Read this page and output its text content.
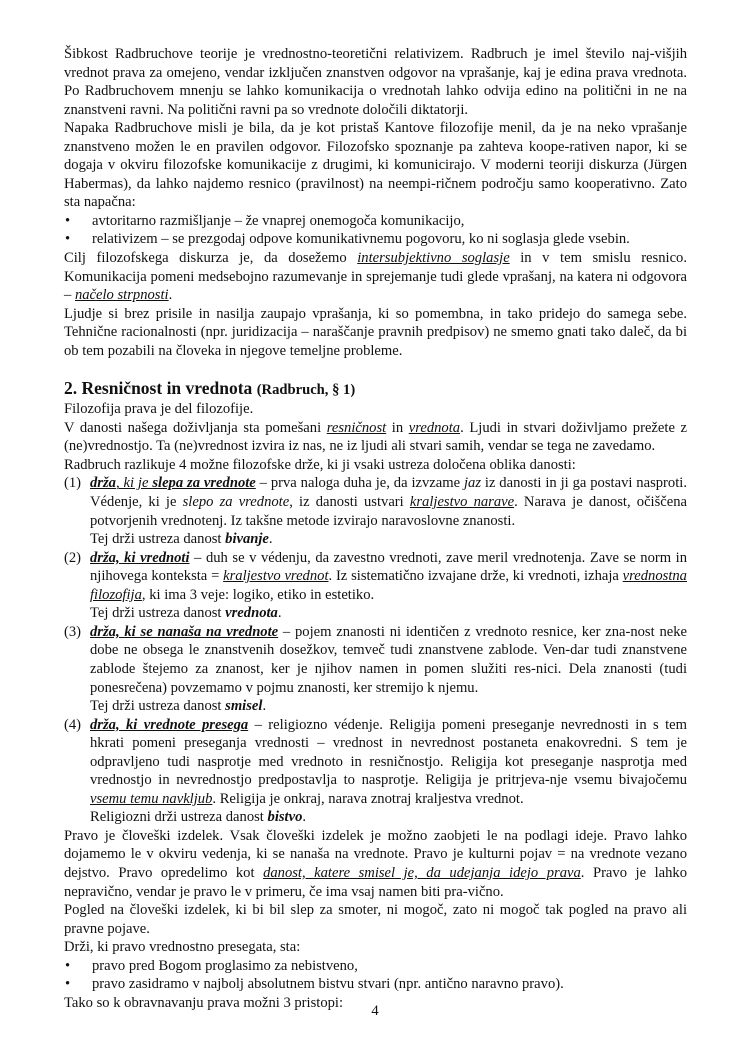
Šibkost Radbruchove teorije je vrednostno-teoretični relativizem. Radbruch je imel število naj-višjih vrednot prava za omejeno, vendar izključen znanstven odgovor na vprašanje, kaj je edina prava vrednota. Po Radbruchovem mnenju se lahko komunikacija o vrednotah lahko odvija edino na politični in ne na znanstveni ravni. Na politični ravni pa so vrednote določili diktatorji.

Napaka Radbruchove misli je bila, da je kot pristaš Kantove filozofije menil, da je na neko vprašanje znanstveno možen le en pravilen odgovor. Filozofsko spoznanje pa zahteva koope-rativen napor, ki se dogaja v okviru filozofske komunikacije z drugimi, ki komunicirajo. V moderni teoriji diskurza (Jürgen Habermas), da lahko najdemo resnico (pravilnost) na neempi-ričnem področju samo kooperativno. Zato sta napačna:

• avtoritarno razmišljanje – že vnaprej onemogoča komunikacijo,

• relativizem – se prezgodaj odpove komunikativnemu pogovoru, ko ni soglasja glede vsebin.

Cilj filozofskega diskurza je, da dosežemo intersubjektivno soglasje in v tem smislu resnico. Komunikacija pomeni medsebojno razumevanje in sprejemanje tudi glede vprašanj, na katera ni odgovora – načelo strpnosti.

Ljudje si brez prisile in nasilja zaupajo vprašanja, ki so pomembna, in tako pridejo do samega sebe. Tehnične racionalnosti (npr. juridizacija – naraščanje pravnih predpisov) ne smemo gnati tako daleč, da bi ob tem pozabili na človeka in njegove temeljne probleme.

2. Resničnost in vrednota (Radbruch, § 1)

Filozofija prava je del filozofije.

V danosti našega doživljanja sta pomešani resničnost in vrednota. Ljudi in stvari doživljamo prežete z (ne)vrednostjo. Ta (ne)vrednost izvira iz nas, ne iz ljudi ali stvari samih, vendar se tega ne zavedamo.

Radbruch razlikuje 4 možne filozofske drže, ki ji vsaki ustreza določena oblika danosti:

(1) drža, ki je slepa za vrednote – prva naloga duha je, da izvzame jaz iz danosti in ji ga postavi nasproti. Védenje, ki je slepo za vrednote, iz danosti ustvari kraljestvo narave. Narava je danost, očiščena potvorjenih vrednotenj. Iz takšne metode izvirajo naravoslovne znanosti.
Tej drži ustreza danost bivanje.

(2) drža, ki vrednoti – duh se v védenju, da zavestno vrednoti, zave meril vrednotenja. Zave se norm in njihovega konteksta = kraljestvo vrednot. Iz sistematično izvajane drže, ki vrednoti, izhaja vrednostna filozofija, ki ima 3 veje: logiko, etiko in estetiko.
Tej drži ustreza danost vrednota.

(3) drža, ki se nanaša na vrednote – pojem znanosti ni identičen z vrednoto resnice, ker zna-nost neke dobe ne obsega le znanstvenih dosežkov, temveč tudi znanstvene zablode. Ven-dar tudi znanstvene zablode štejemo za znanost, ker je njihov namen in pomen služiti res-nici. Dela znanosti (tudi ponesrečena) povzemamo v pojmu znanosti, ker stremijo k njemu.
Tej drži ustreza danost smisel.

(4) drža, ki vrednote presega – religiozno védenje. Religija pomeni preseganje nevrednosti in s tem hkrati pomeni preseganja vrednosti – vrednost in nevrednost postaneta enakovredni. S tem je odpravljeno tudi nasprotje med vrednoto in resničnostjo. Religija kot preseganje nasprotja med vrednostjo in nevrednostjo predpostavlja to nasprotje. Religija je pritrjeva-nje vsemu bivajočemu vsemu temu navkljub. Religija je onkraj, narava znotraj kraljestva vrednot.
Religiozni drži ustreza danost bistvo.

Pravo je človeški izdelek. Vsak človeški izdelek je možno zaobjeti le na podlagi ideje. Pravo lahko dojamemo le v okviru vedenja, ki se nanaša na vrednote. Pravo je kulturni pojav = na vrednote vezano dejstvo. Pravo opredelimo kot danost, katere smisel je, da udejanja idejo prava. Pravo je lahko nepravično, vendar je pravo le v primeru, če ima vsaj namen biti pra-vično.

Pogled na človeški izdelek, ki bi bil slep za smoter, ni mogoč, zato ni mogoč tak pogled na pravo ali pravne pojave.

Drži, ki pravo vrednostno presegata, sta:

• pravo pred Bogom proglasimo za nebistveno,

• pravo zasidramo v najbolj absolutnem bistvu stvari (npr. antično naravno pravo).

Tako so k obravnavanju prava možni 3 pristopi:

4
